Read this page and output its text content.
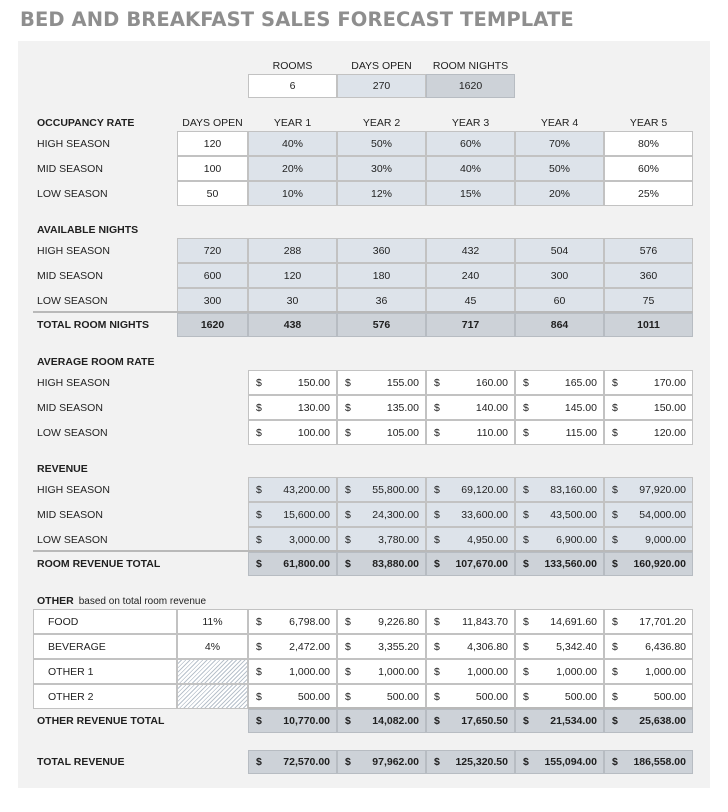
BED AND BREAKFAST SALES FORECAST TEMPLATE
ROOMS
6
DAYS OPEN
270
ROOM NIGHTS
1620
OCCUPANCY RATE	DAYS OPEN	YEAR 1	YEAR 2	YEAR 3	YEAR 4	YEAR 5
HIGH SEASON	120	40%	50%	60%	70%	80%
MID SEASON	100	20%	30%	40%	50%	60%
LOW SEASON	50	10%	12%	15%	20%	25%
AVAILABLE NIGHTS
HIGH SEASON	720	288	360	432	504	576
MID SEASON	600	120	180	240	300	360
LOW SEASON	300	30	36	45	60	75
TOTAL ROOM NIGHTS	1620	438	576	717	864	1011
AVERAGE ROOM RATE
HIGH SEASON	$	150.00 $	155.00 $	160.00 $	165.00 $	170.00
MID SEASON	$	130.00 $	135.00 $	140.00 $	145.00 $	150.00
LOW SEASON	$	100.00 $	105.00 $	110.00 $	115.00 $	120.00
REVENUE
HIGH SEASON	$ 43,200.00 $ 55,800.00 $ 69,120.00 $ 83,160.00 $ 97,920.00
MID SEASON	$ 15,600.00 $ 24,300.00 $ 33,600.00 $ 43,500.00 $ 54,000.00
LOW SEASON	$	3,000.00 $	3,780.00 $	4,950.00 $	6,900.00 $	9,000.00
ROOM REVENUE TOTAL	$ 61,800.00 $ 83,880.00 $ 107,670.00 $ 133,560.00 $ 160,920.00
OTHER based on total room revenue
FOOD	11%	$	6,798.00 $	9,226.80 $ 11,843.70 $ 14,691.60 $ 17,701.20
BEVERAGE	4%	$	2,472.00 $	3,355.20 $	4,306.80 $	5,342.40 $	6,436.80
OTHER 1	$	1,000.00 $	1,000.00 $	1,000.00 $	1,000.00 $	1,000.00
OTHER 2	$	500.00 $	500.00 $	500.00 $	500.00 $	500.00
OTHER REVENUE TOTAL	$ 10,770.00 $ 14,082.00 $ 17,650.50 $ 21,534.00 $ 25,638.00
TOTAL REVENUE	$ 72,570.00 $ 97,962.00 $ 125,320.50 $ 155,094.00 $ 186,558.00
